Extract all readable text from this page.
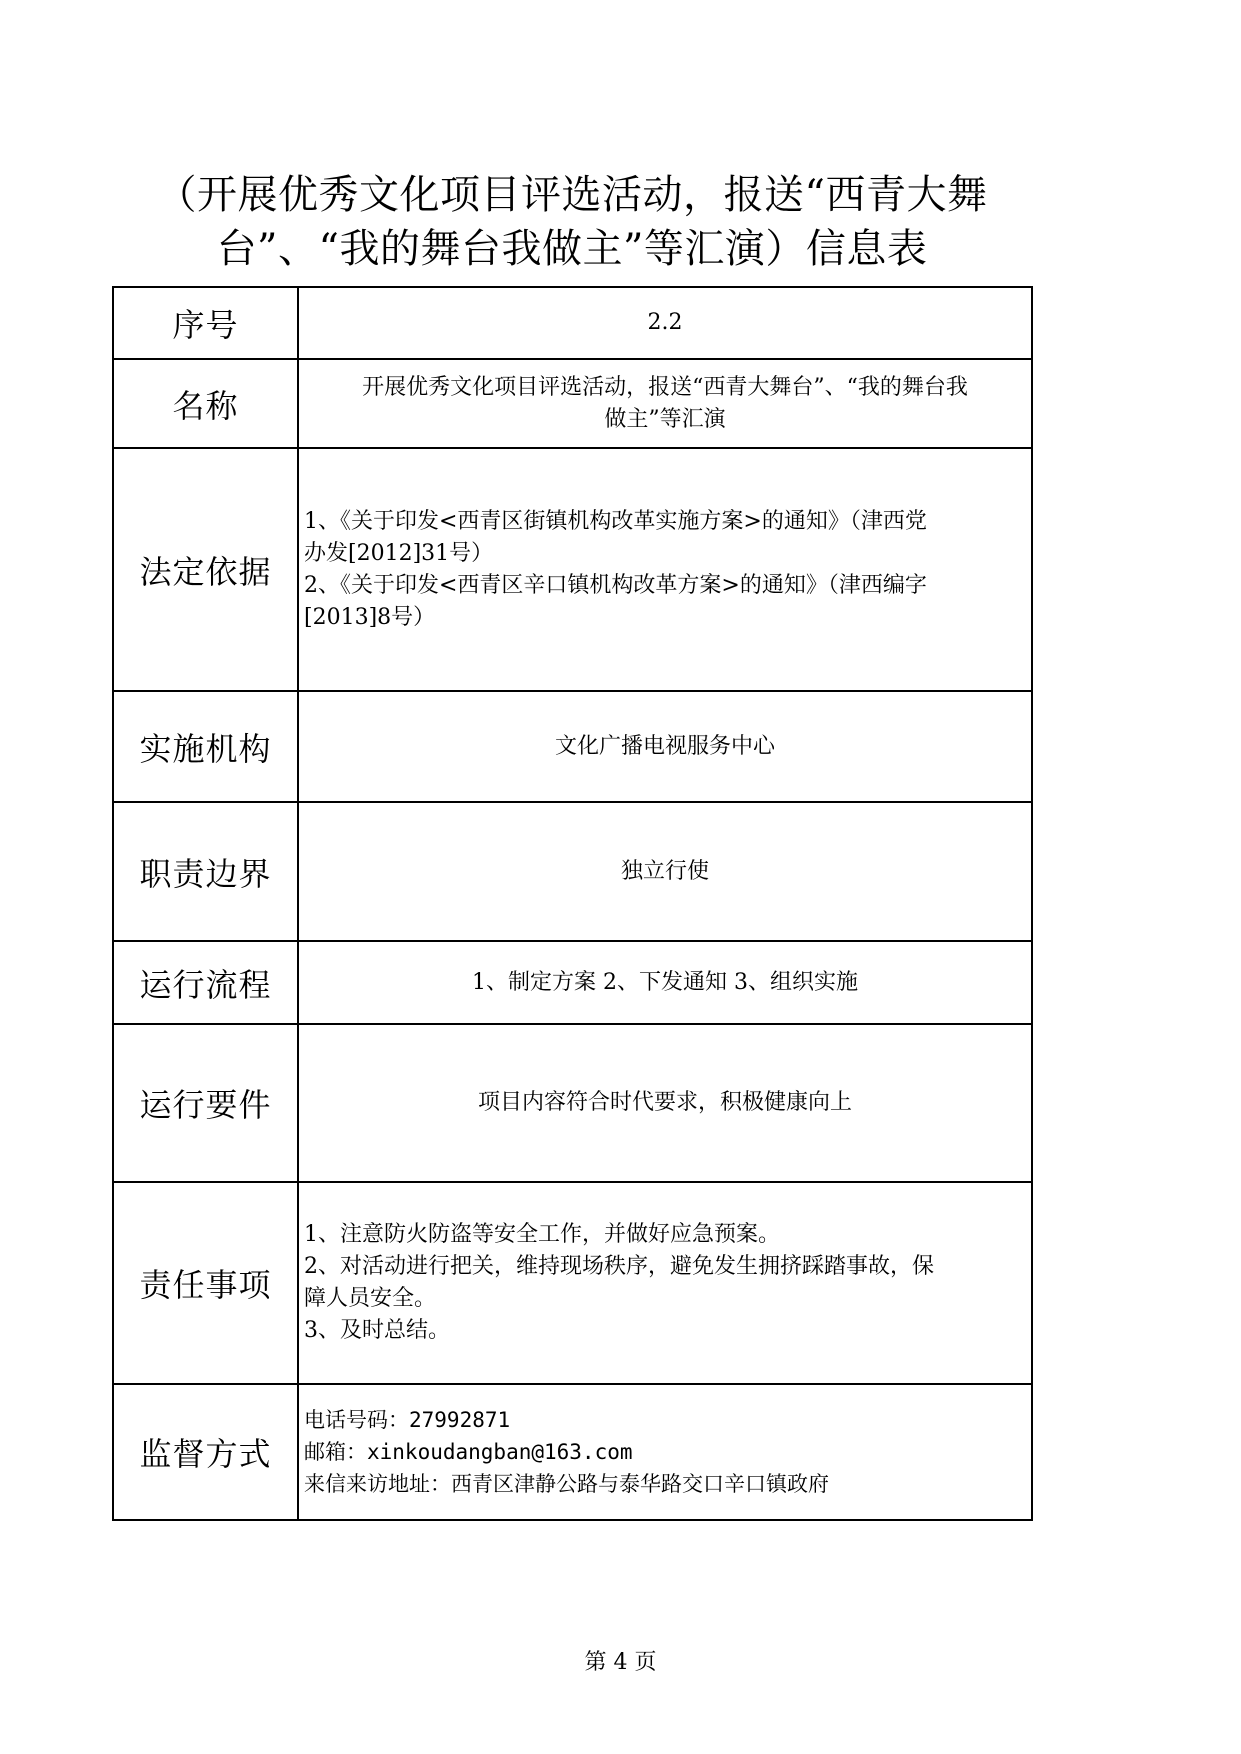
（开展优秀文化项目评选活动，报送“西青大舞
台”、“我的舞台我做主”等汇演）信息表
序号	2.2
名称	开展优秀文化项目评选活动，报送“西青大舞台”、“我的舞台我
做主”等汇演

法定依据	1、《关于印发<西青区街镇机构改革实施方案>的通知》（津西党
办发[2012]31号）
2、《关于印发<西青区辛口镇机构改革方案>的通知》（津西编字
[2013]8号）

实施机构	文化广播电视服务中心
职责边界	独立行使
运行流程	1、制定方案 2、下发通知 3、组织实施
运行要件	项目内容符合时代要求，积极健康向上
责任事项	1、注意防火防盗等安全工作，并做好应急预案。
2、对活动进行把关，维持现场秩序，避免发生拥挤踩踏事故，保
障人员安全。
3、及时总结。

监督方式	电话号码：27992871
邮箱：xinkoudangban@163.com
来信来访地址：西青区津静公路与泰华路交口辛口镇政府
第 4 页
